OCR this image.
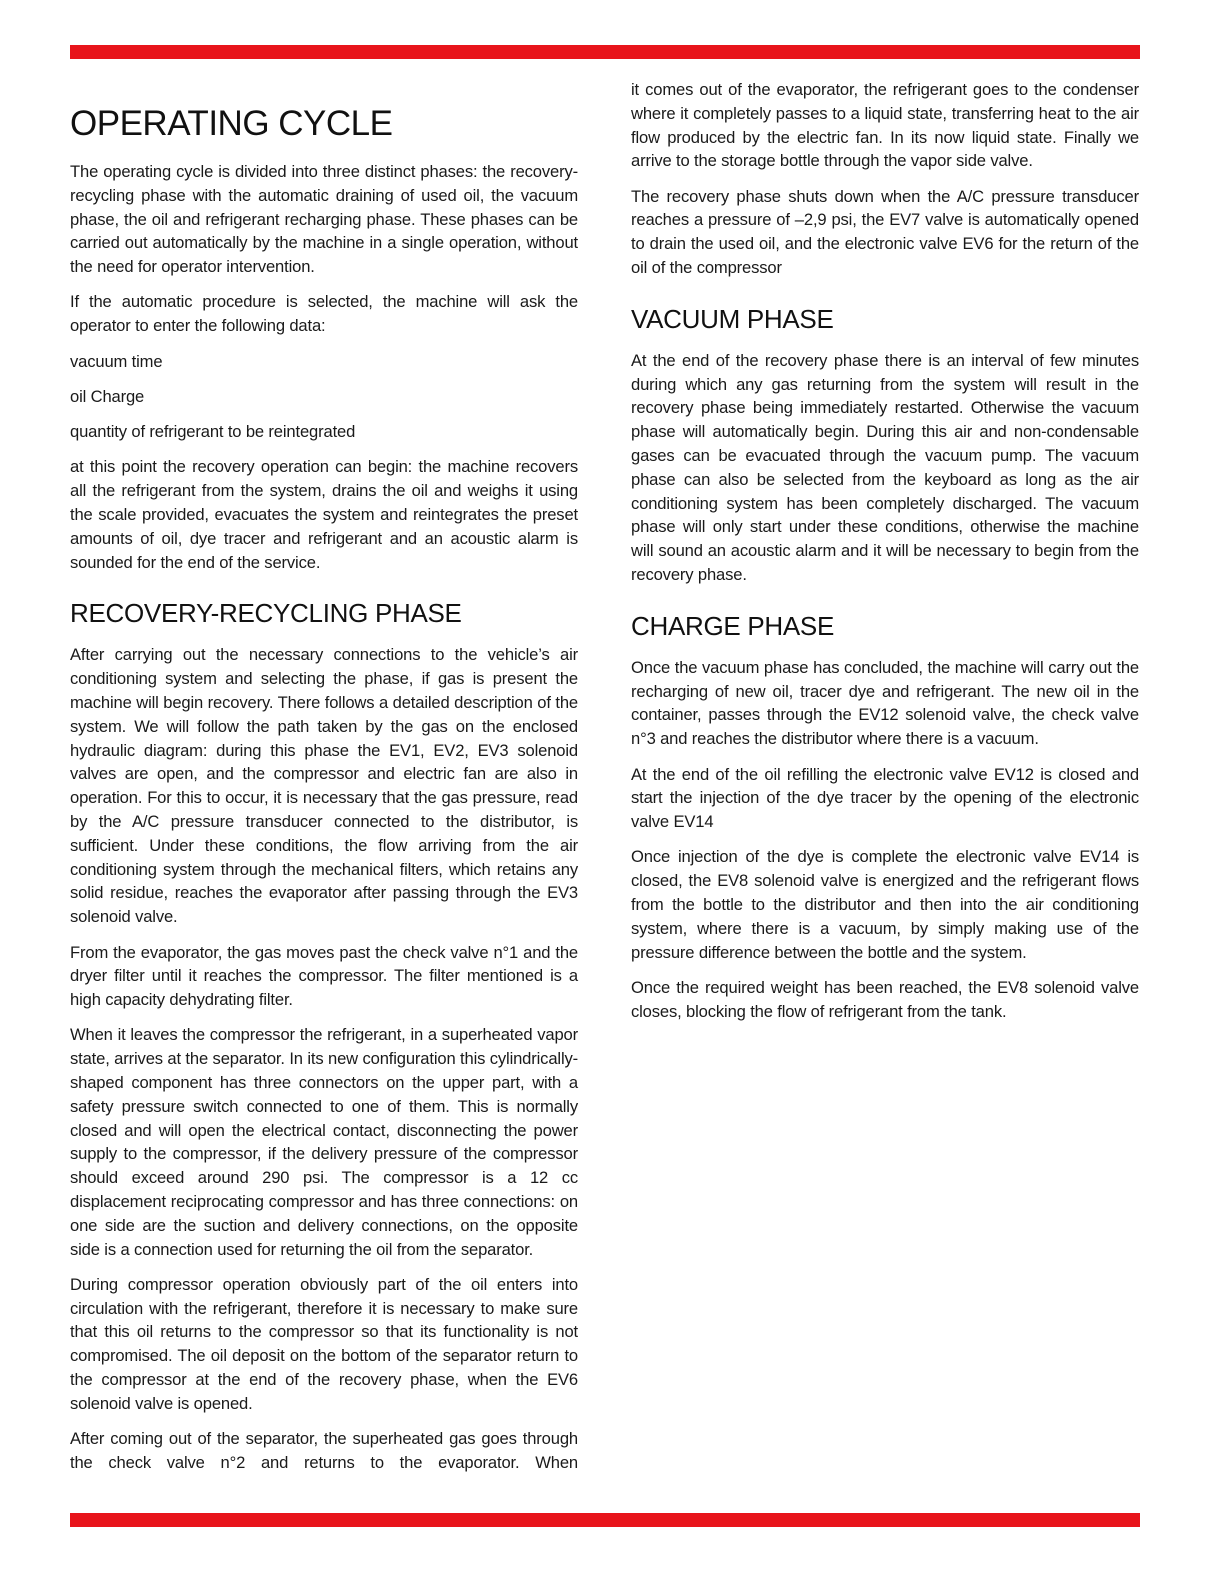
OPERATING CYCLE

The operating cycle is divided into three distinct phases: the recovery-recycling phase with the automatic draining of used oil, the vacuum phase, the oil and refrigerant recharging phase. These phases can be carried out automatically by the machine in a single operation, without the need for operator intervention.

If the automatic procedure is selected, the machine will ask the operator to enter the following data:

vacuum time

oil Charge

quantity of refrigerant to be reintegrated

at this point the recovery operation can begin: the machine recovers all the refrigerant from the system, drains the oil and weighs it using the scale provided, evacuates the system and reintegrates the preset amounts of oil, dye tracer and refrigerant and an acoustic alarm is sounded for the end of the service.

RECOVERY-RECYCLING PHASE

After carrying out the necessary connections to the vehicle’s air conditioning system and selecting the phase, if gas is present the machine will begin recovery. There follows a detailed description of the system. We will follow the path taken by the gas on the enclosed hydraulic diagram: during this phase the EV1, EV2, EV3 solenoid valves are open, and the compressor and electric fan are also in operation. For this to occur, it is necessary that the gas pressure, read by the A/C pressure transducer connected to the distributor, is sufficient. Under these conditions, the flow arriving from the air conditioning system through the mechanical filters, which retains any solid residue, reaches the evaporator after passing through the EV3 solenoid valve.

From the evaporator, the gas moves past the check valve n°1 and the dryer filter until it reaches the compressor. The filter mentioned is a high capacity dehydrating filter.

When it leaves the compressor the refrigerant, in a superheated vapor state, arrives at the separator. In its new configuration this cylindrically-shaped component has three connectors on the upper part, with a safety pressure switch connected to one of them. This is normally closed and will open the electrical contact, disconnecting the power supply to the compressor, if the delivery pressure of the compressor should exceed around 290 psi. The compressor is a 12 cc displacement reciprocating compressor and has three connections: on one side are the suction and delivery connections, on the opposite side is a connection used for returning the oil from the separator.

During compressor operation obviously part of the oil enters into circulation with the refrigerant, therefore it is necessary to make sure that this oil returns to the compressor so that its functionality is not compromised. The oil deposit on the bottom of the separator return to the compressor at the end of the recovery phase, when the EV6 solenoid valve is opened.

After coming out of the separator, the superheated gas goes through the check valve n°2 and returns to the evaporator. When

it comes out of the evaporator, the refrigerant goes to the condenser where it completely passes to a liquid state, transferring heat to the air flow produced by the electric fan. In its now liquid state. Finally we arrive to the storage bottle through the vapor side valve.

The recovery phase shuts down when the A/C pressure transducer reaches a pressure of –2,9 psi, the EV7 valve is automatically opened to drain the used oil, and the electronic valve EV6 for the return of the oil of the compressor

VACUUM PHASE

At the end of the recovery phase there is an interval of few minutes during which any gas returning from the system will result in the recovery phase being immediately restarted. Otherwise the vacuum phase will automatically begin. During this air and non-condensable gases can be evacuated through the vacuum pump. The vacuum phase can also be selected from the keyboard as long as the air conditioning system has been completely discharged. The vacuum phase will only start under these conditions, otherwise the machine will sound an acoustic alarm and it will be necessary to begin from the recovery phase.

CHARGE PHASE

Once the vacuum phase has concluded, the machine will carry out the recharging of new oil, tracer dye and refrigerant. The new oil in the container, passes through the EV12 solenoid valve, the check valve n°3 and reaches the distributor where there is a vacuum.

At the end of the oil refilling the electronic valve EV12 is closed and start the injection of the dye tracer by the opening of the electronic valve EV14

Once injection of the dye is complete the electronic valve EV14 is closed, the EV8 solenoid valve is energized and the refrigerant flows from the bottle to the distributor and then into the air conditioning system, where there is a vacuum, by simply making use of the pressure difference between the bottle and the system.

Once the required weight has been reached, the EV8 solenoid valve closes, blocking the flow of refrigerant from the tank.
